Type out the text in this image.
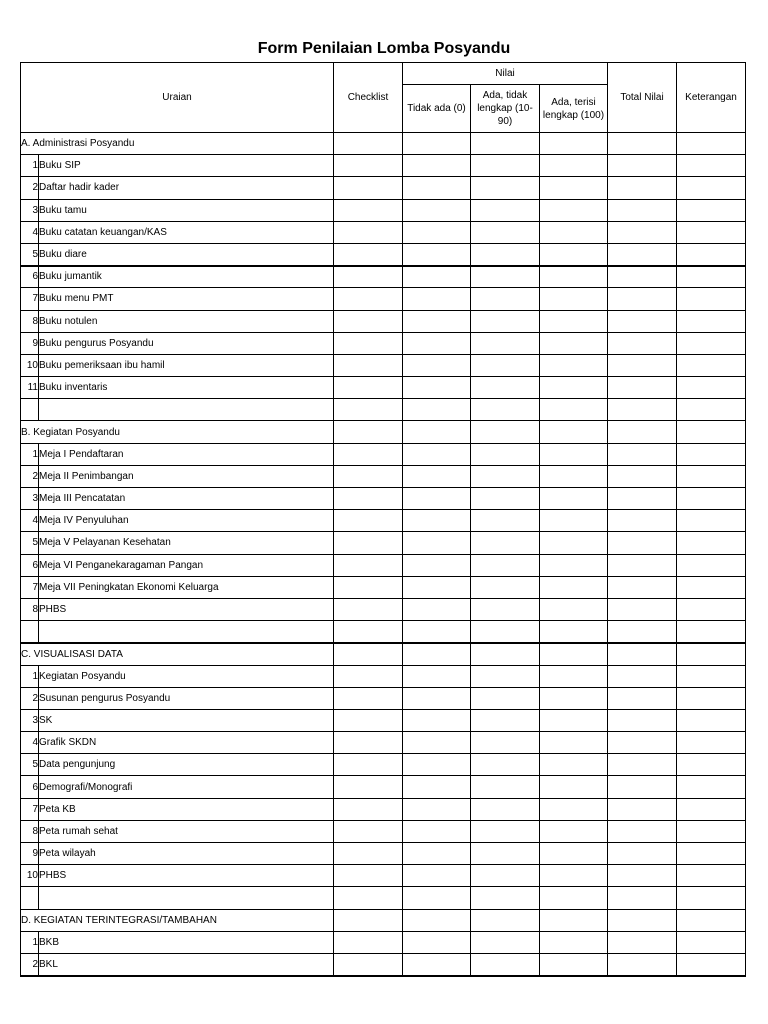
Form Penilaian Lomba Posyandu
Uraian		Checklist	Nilai			Total Nilai	Keterangan
			Tidak ada (0)	Ada, tidak lengkap (10-90)	Ada, terisi lengkap (100)		
A. Administrasi Posyandu							
1	Buku SIP						
2	Daftar hadir kader						
3	Buku tamu						
4	Buku catatan keuangan/KAS						
5	Buku diare						
6	Buku jumantik						
7	Buku menu PMT						
8	Buku notulen						
9	Buku pengurus Posyandu						
10	Buku pemeriksaan ibu hamil						
11	Buku inventaris						

B. Kegiatan Posyandu							
1	Meja I Pendaftaran						
2	Meja II Penimbangan						
3	Meja III Pencatatan						
4	Meja IV Penyuluhan						
5	Meja V Pelayanan Kesehatan						
6	Meja VI Penganekaragaman Pangan						
7	Meja VII Peningkatan Ekonomi Keluarga						
8	PHBS						

C. VISUALISASI DATA							
1	Kegiatan Posyandu						
2	Susunan pengurus Posyandu						
3	SK						
4	Grafik SKDN						
5	Data pengunjung						
6	Demografi/Monografi						
7	Peta KB						
8	Peta rumah sehat						
9	Peta wilayah						
10	PHBS						

D. KEGIATAN TERINTEGRASI/TAMBAHAN							
1	BKB						
2	BKL						
